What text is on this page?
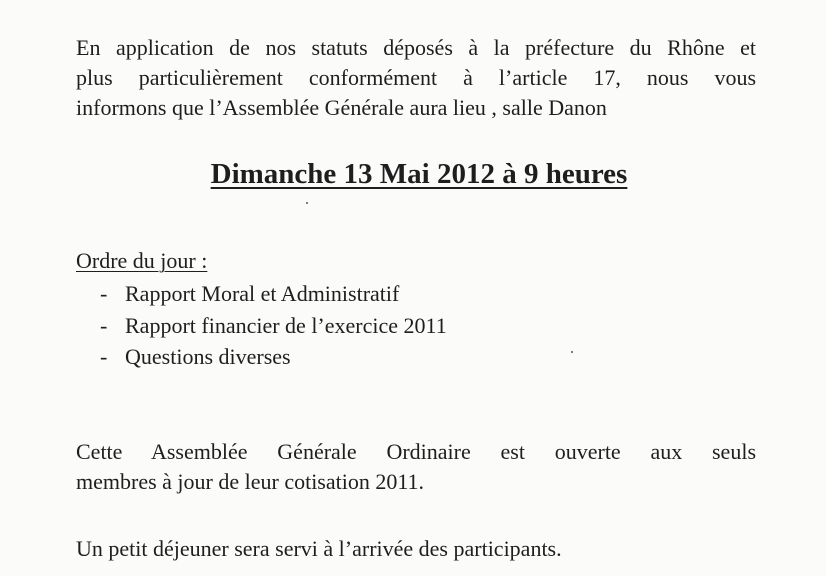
En application de nos statuts déposés à la préfecture du Rhône et
plus particulièrement conformément à l’article 17, nous vous
informons que l’Assemblée Générale aura lieu , salle Danon

Dimanche 13 Mai 2012 à 9 heures

Ordre du jour :

- Rapport Moral et Administratif
- Rapport financier de l’exercice 2011
- Questions diverses

Cette Assemblée Générale Ordinaire est ouverte aux seuls
membres à jour de leur cotisation 2011.

Un petit déjeuner sera servi à l’arrivée des participants.
